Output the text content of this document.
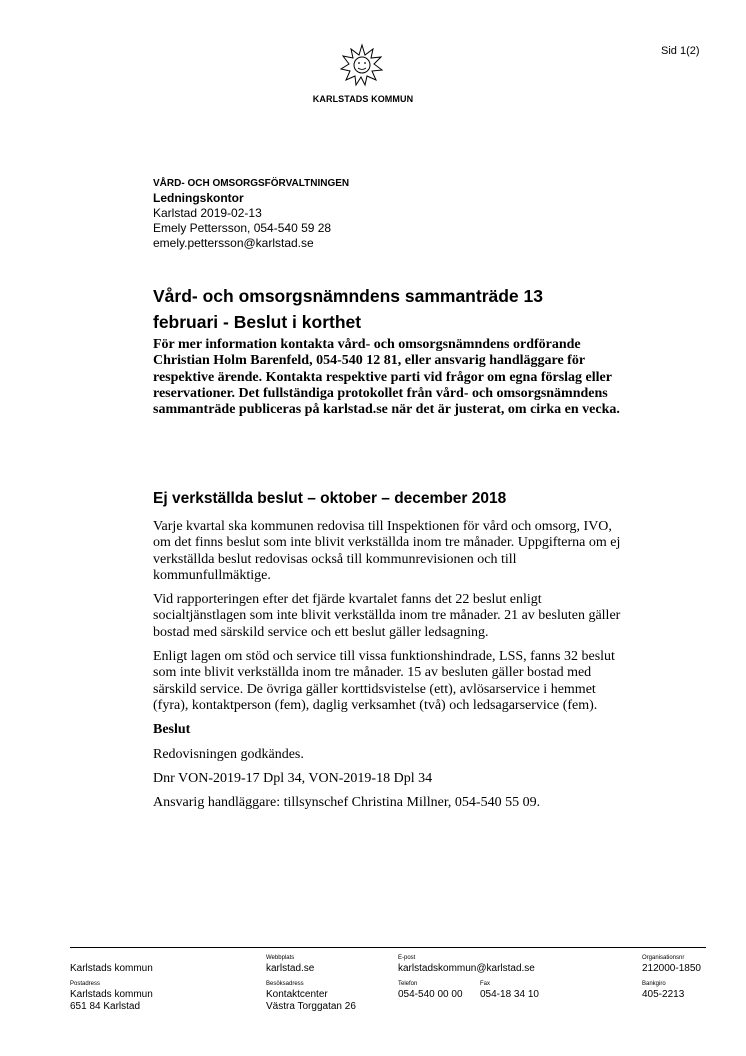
Sid 1(2)
KARLSTADS KOMMUN
VÅRD- OCH OMSORGSFÖRVALTNINGEN
Ledningskontor
Karlstad 2019-02-13
Emely Pettersson, 054-540 59 28
emely.pettersson@karlstad.se
Vård- och omsorgsnämndens sammanträde 13
februari - Beslut i korthet
För mer information kontakta vård- och omsorgsnämndens ordförande Christian Holm Barenfeld, 054-540 12 81, eller ansvarig handläggare för respektive ärende. Kontakta respektive parti vid frågor om egna förslag eller reservationer. Det fullständiga protokollet från vård- och omsorgsnämndens sammanträde publiceras på karlstad.se när det är justerat, om cirka en vecka.
Ej verkställda beslut – oktober – december 2018

Varje kvartal ska kommunen redovisa till Inspektionen för vård och omsorg, IVO, om det finns beslut som inte blivit verkställda inom tre månader. Uppgifterna om ej verkställda beslut redovisas också till kommunrevisionen och till kommunfullmäktige.

Vid rapporteringen efter det fjärde kvartalet fanns det 22 beslut enligt socialtjänstlagen som inte blivit verkställda inom tre månader. 21 av besluten gäller bostad med särskild service och ett beslut gäller ledsagning.

Enligt lagen om stöd och service till vissa funktionshindrade, LSS, fanns 32 beslut som inte blivit verkställda inom tre månader. 15 av besluten gäller bostad med särskild service. De övriga gäller korttidsvistelse (ett), avlösarservice i hemmet (fyra), kontaktperson (fem), daglig verksamhet (två) och ledsagarservice (fem).

Beslut

Redovisningen godkändes.

Dnr VON-2019-17 Dpl 34, VON-2019-18 Dpl 34

Ansvarig handläggare: tillsynschef Christina Millner, 054-540 55 09.

Karlstads kommun
Webbplats
karlstad.se
E-post
karlstadskommun@karlstad.se
Organisationsnr
212000-1850
Postadress
Karlstads kommun
651 84 Karlstad
Besöksadress
Kontaktcenter
Västra Torggatan 26
Telefon
054-540 00 00
Fax
054-18 34 10
Bankgiro
405-2213
